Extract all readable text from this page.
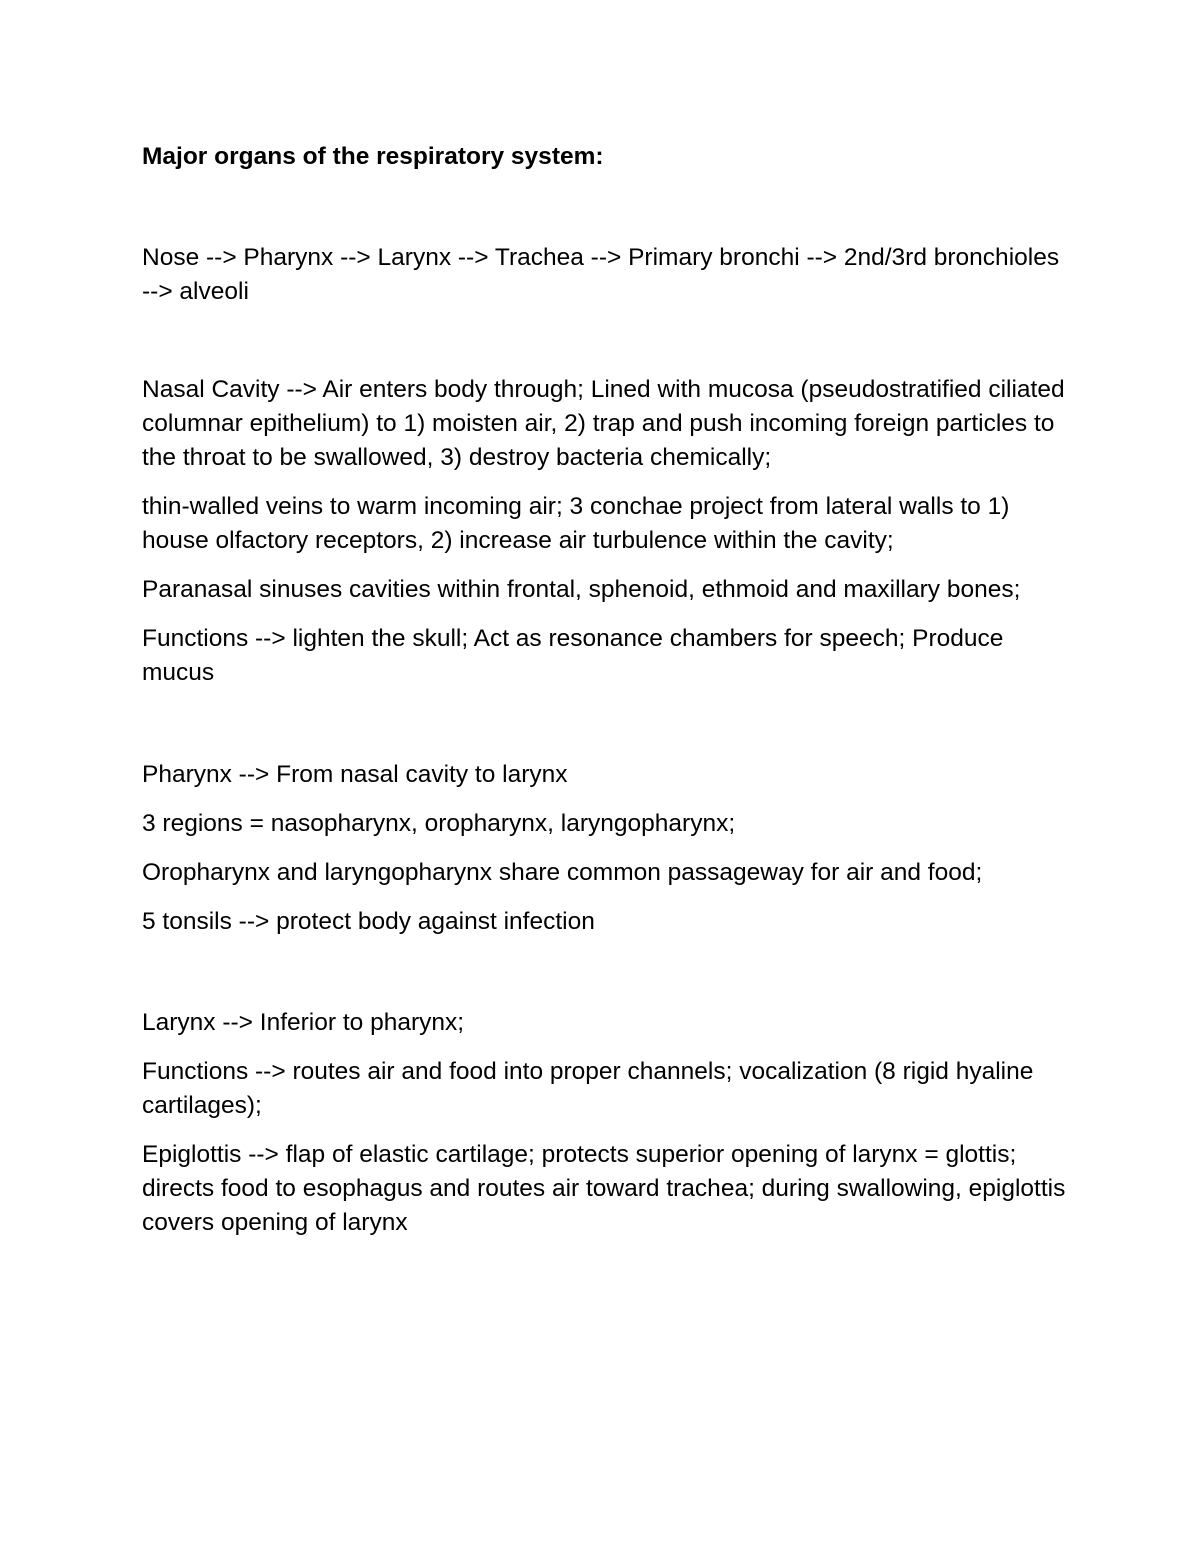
Major organs of the respiratory system:

Nose --> Pharynx --> Larynx --> Trachea --> Primary bronchi --> 2nd/3rd bronchioles --> alveoli

Nasal Cavity --> Air enters body through; Lined with mucosa (pseudostratified ciliated columnar epithelium) to 1) moisten air, 2) trap and push incoming foreign particles to the throat to be swallowed, 3) destroy bacteria chemically;

thin-walled veins to warm incoming air; 3 conchae project from lateral walls to 1) house olfactory receptors, 2) increase air turbulence within the cavity;

Paranasal sinuses cavities within frontal, sphenoid, ethmoid and maxillary bones;

Functions --> lighten the skull; Act as resonance chambers for speech; Produce mucus

Pharynx --> From nasal cavity to larynx

3 regions = nasopharynx, oropharynx, laryngopharynx;

Oropharynx and laryngopharynx share common passageway for air and food;

5 tonsils --> protect body against infection

Larynx --> Inferior to pharynx;

Functions --> routes air and food into proper channels; vocalization (8 rigid hyaline cartilages);

Epiglottis --> flap of elastic cartilage; protects superior opening of larynx = glottis; directs food to esophagus and routes air toward trachea; during swallowing, epiglottis covers opening of larynx
